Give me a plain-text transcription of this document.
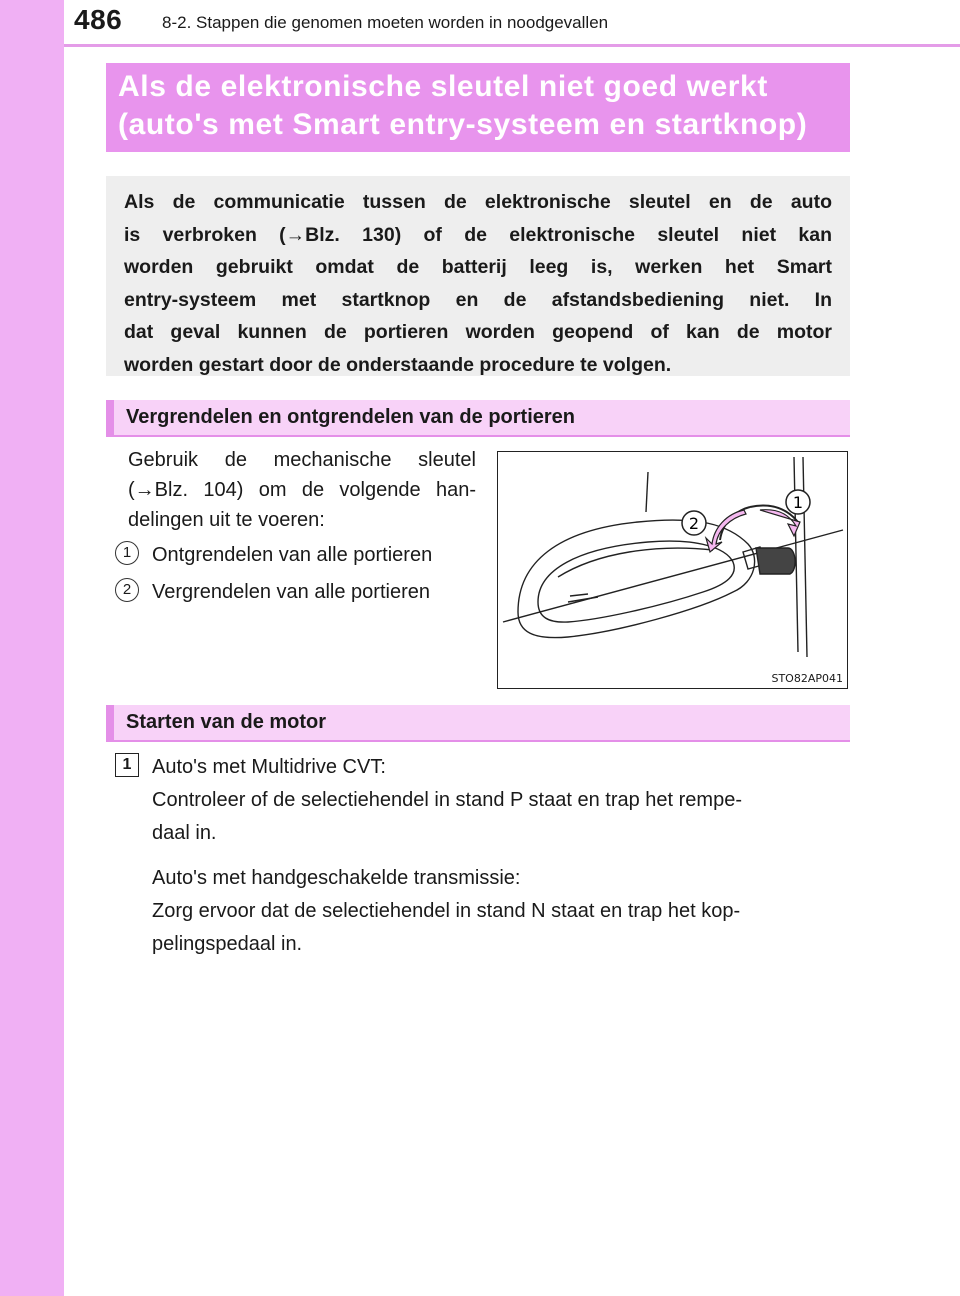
486 8-2. Stappen die genomen moeten worden in noodgevallen
Als de elektronische sleutel niet goed werkt
(auto's met Smart entry-systeem en startknop)
Als de communicatie tussen de elektronische sleutel en de auto
is verbroken (→Blz. 130) of de elektronische sleutel niet kan
worden gebruikt omdat de batterij leeg is, werken het Smart
entry-systeem met startknop en de afstandsbediening niet. In
dat geval kunnen de portieren worden geopend of kan de motor
worden gestart door de onderstaande procedure te volgen.
Vergrendelen en ontgrendelen van de portieren
Gebruik de mechanische sleutel
(→Blz. 104) om de volgende han-
delingen uit te voeren:
1	Ontgrendelen van alle portieren
2	Vergrendelen van alle portieren
1
2
STO82AP041
Starten van de motor
1	Auto's met Multidrive CVT:
Controleer of de selectiehendel in stand P staat en trap het rempe-
daal in.
Auto's met handgeschakelde transmissie:
Zorg ervoor dat de selectiehendel in stand N staat en trap het kop-
pelingspedaal in.
